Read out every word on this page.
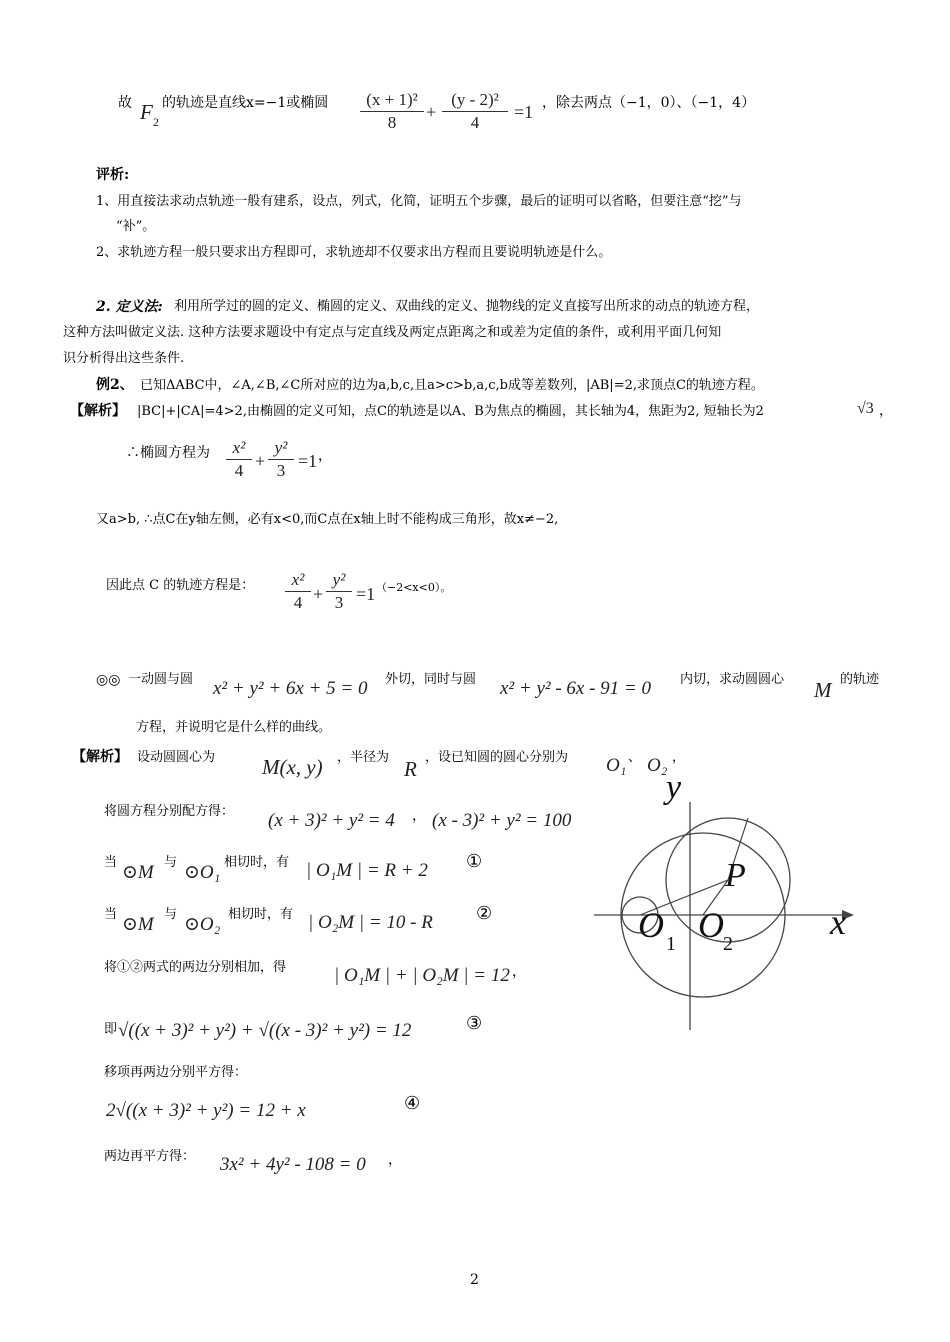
故 F 2
的轨迹是直线x=−1或椭圆	(x + 1)²
8
+
(y - 2)²
4
=1 ，除去两点（−1，0）、（−1，4）
评析:
1、用直接法求动点轨迹一般有建系，设点，列式，化简，证明五个步骤，最后的证明可以省略，但要注意“挖”与
“补”。
2、求轨迹方程一般只要求出方程即可，求轨迹却不仅要求出方程而且要说明轨迹是什么。
2. 定义法: 利用所学过的圆的定义、椭圆的定义、双曲线的定义、抛物线的定义直接写出所求的动点的轨迹方程，
这种方法叫做定义法. 这种方法要求题设中有定点与定直线及两定点距离之和或差为定值的条件，或利用平面几何知
识分析得出这些条件.
例2、 已知ΔABC中，∠A,∠B,∠C所对应的边为a,b,c,且a>c>b,a,c,b成等差数列，|AB|=2,求顶点C的轨迹方程。
【解析】 |BC|+|CA|=4>2,由椭圆的定义可知，点C的轨迹是以A、B为焦点的椭圆，其长轴为4，焦距为2, 短轴长为2	√3 ，
∴椭圆方程为	x²
4 +
y²
3 =1 ，
又a>b, ∴点C在y轴左侧，必有x<0,而C点在x轴上时不能构成三角形，故x≠−2,
因此点 C 的轨迹方程是：	x²
4 +
y²
3 =1 （−2<x<0）。
◎◎ 一动圆与圆 x² + y² + 6x + 5 = 0 外切，同时与圆 x² + y² - 6x - 91 = 0 内切，求动圆圆心 M 的轨迹
方程，并说明它是什么样的曲线。
【解析】 设动圆圆心为 M(x, y) ，半径为 R ，设已知圆的圆心分别为 O₁ 、 O₂ ，
将圆方程分别配方得： (x + 3)² + y² = 4 ， (x - 3)² + y² = 100
当 ⊙M 与 ⊙O₁ 相切时，有 | O₁M | = R + 2 ①
当 ⊙M 与 ⊙O₂ 相切时，有 | O₂M | = 10 - R ②
将①②两式的两边分别相加，得	| O₁M | + | O₂M | = 12 ，
即 √((x + 3)² + y²) + √((x - 3)² + y²) = 12	③
移项再两边分别平方得：
2√((x + 3)² + y²) = 12 + x	④
两边再平方得： 3x² + 4y² - 108 = 0 ，
y
x
P
O 1 O 2
2
